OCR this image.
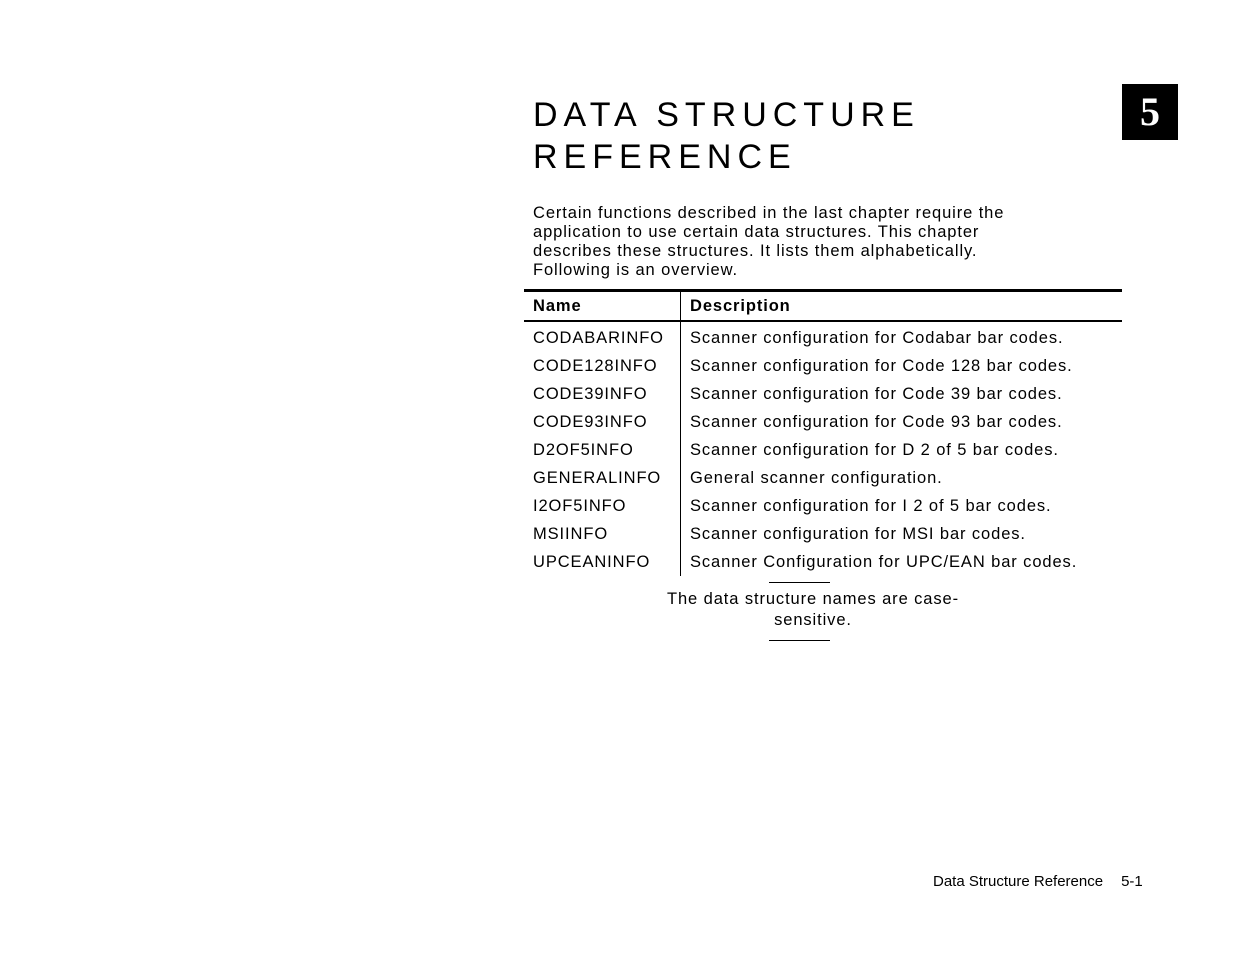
5
DATA STRUCTURE
REFERENCE

Certain functions described in the last chapter require the
application to use certain data structures. This chapter
describes these structures. It lists them alphabetically.
Following is an overview.

Name	Description
CODABARINFO	Scanner configuration for Codabar bar codes.
CODE128INFO	Scanner configuration for Code 128 bar codes.
CODE39INFO	Scanner configuration for Code 39 bar codes.
CODE93INFO	Scanner configuration for Code 93 bar codes.
D2OF5INFO	Scanner configuration for D 2 of 5 bar codes.
GENERALINFO	General scanner configuration.
I2OF5INFO	Scanner configuration for I 2 of 5 bar codes.
MSIINFO	Scanner configuration for MSI bar codes.
UPCEANINFO	Scanner Configuration for UPC/EAN bar codes.
The data structure names are case-
sensitive.
Data Structure Reference 5-1
